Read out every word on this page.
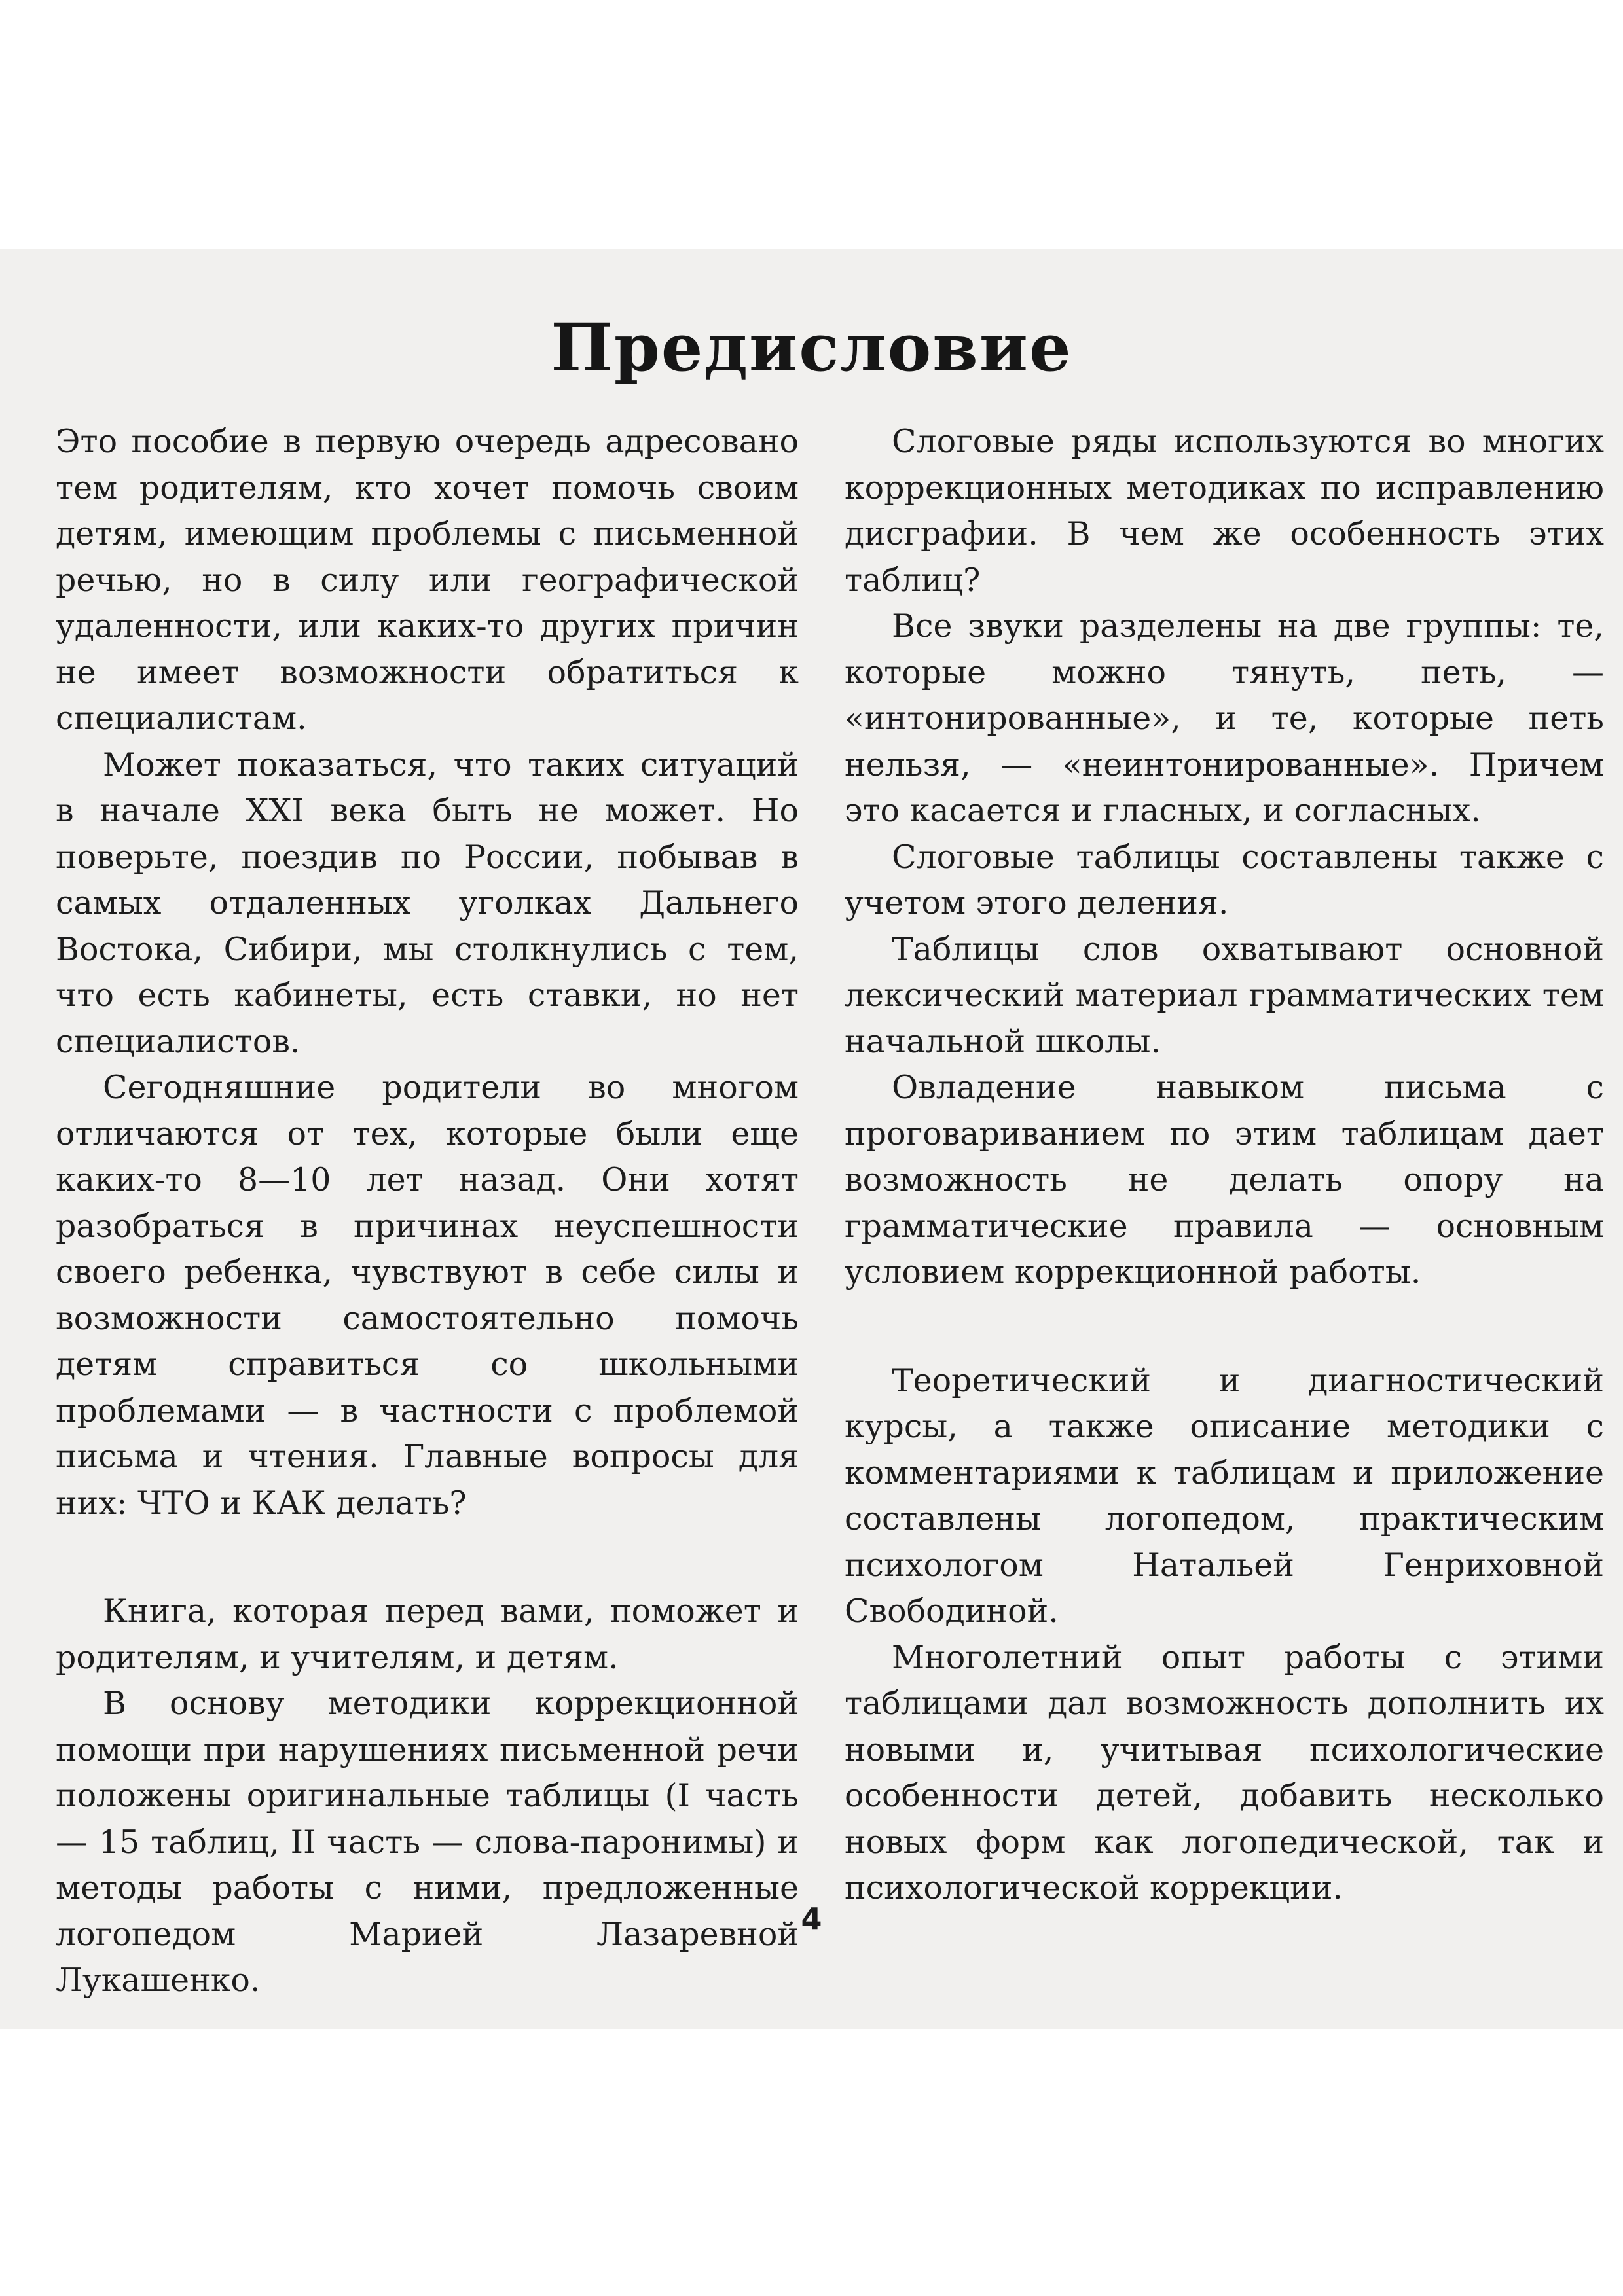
Предисловие

Это пособие в первую очередь адресовано тем родителям, кто хочет помочь своим детям, имеющим проблемы с письменной речью, но в силу или географической удаленности, или каких-то других причин не имеет возможности обратиться к специалистам.

Может показаться, что таких ситуаций в начале XXI века быть не может. Но поверьте, поездив по России, побывав в самых отдаленных уголках Дальнего Востока, Сибири, мы столкнулись с тем, что есть кабинеты, есть ставки, но нет специалистов.

Сегодняшние родители во многом отличаются от тех, которые были еще каких-то 8—10 лет назад. Они хотят разобраться в причинах неуспешности своего ребенка, чувствуют в себе силы и возможности самостоятельно помочь детям справиться со школьными проблемами — в частности с проблемой письма и чтения. Главные вопросы для них: ЧТО и КАК делать?

Книга, которая перед вами, поможет и родителям, и учителям, и детям.

В основу методики коррекционной помощи при нарушениях письменной речи положены оригинальные таблицы (I часть — 15 таблиц, II часть — слова-паронимы) и методы работы с ними, предложенные логопедом Марией Лазаревной Лукашенко.

Слоговые ряды используются во многих коррекционных методиках по исправлению дисграфии. В чем же особенность этих таблиц?

Все звуки разделены на две группы: те, которые можно тянуть, петь, — «интонированные», и те, которые петь нельзя, — «неинтонированные». Причем это касается и гласных, и согласных.

Слоговые таблицы составлены также с учетом этого деления.

Таблицы слов охватывают основной лексический материал грамматических тем начальной школы.

Овладение навыком письма с проговариванием по этим таблицам дает возможность не делать опору на грамматические правила — основным условием коррекционной работы.

Теоретический и диагностический курсы, а также описание методики с комментариями к таблицам и приложение составлены логопедом, практическим психологом Натальей Генриховной Свободиной.

Многолетний опыт работы с этими таблицами дал возможность дополнить их новыми и, учитывая психологические особенности детей, добавить несколько новых форм как логопедической, так и психологической коррекции.

4
